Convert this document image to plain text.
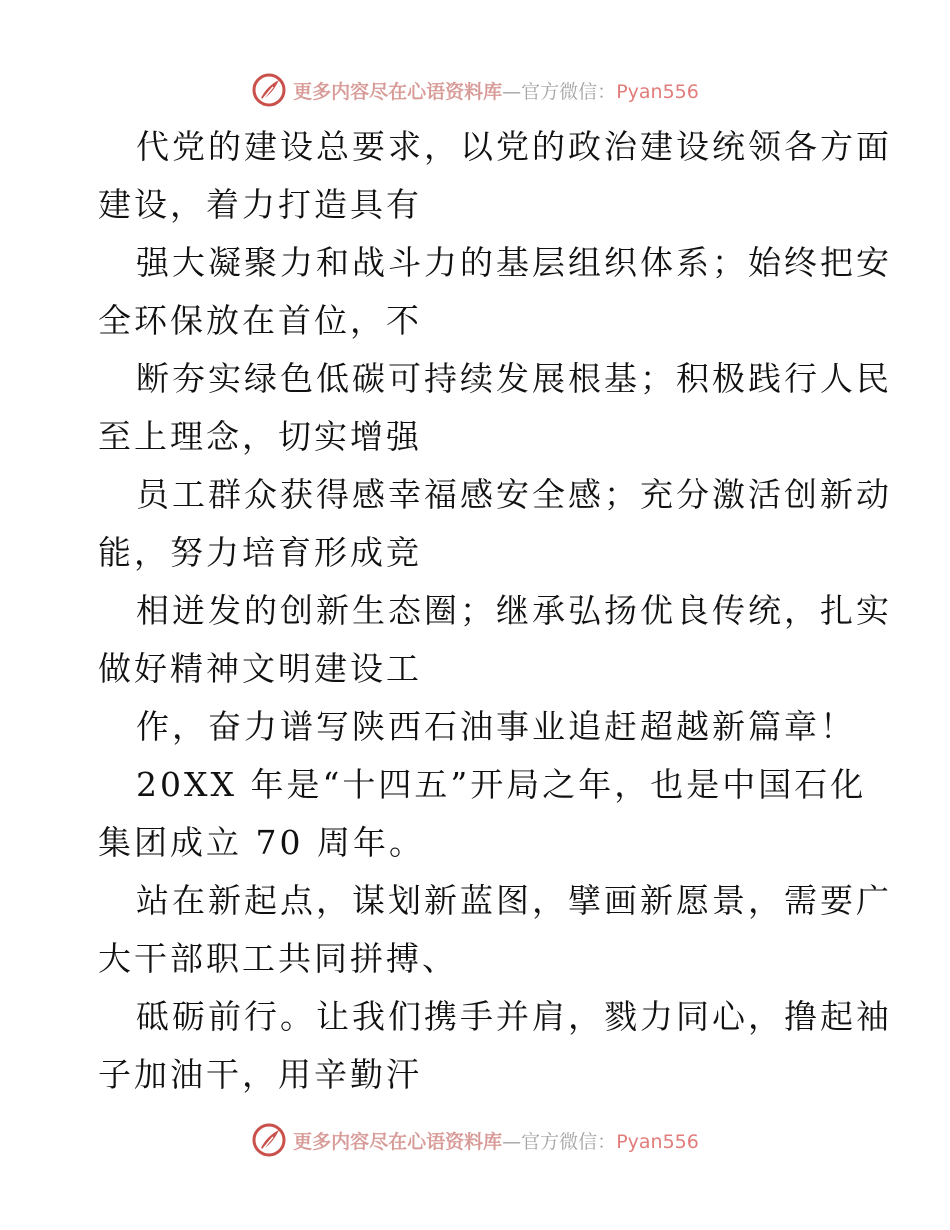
更多内容尽在心语资料库—官方微信：Pyan556

代党的建设总要求，以党的政治建设统领各方面
建设，着力打造具有

强大凝聚力和战斗力的基层组织体系；始终把安
全环保放在首位，不

断夯实绿色低碳可持续发展根基；积极践行人民
至上理念，切实增强

员工群众获得感幸福感安全感；充分激活创新动
能，努力培育形成竞

相迸发的创新生态圈；继承弘扬优良传统，扎实
做好精神文明建设工

作，奋力谱写陕西石油事业追赶超越新篇章！

20XX 年是“十四五”开局之年，也是中国石化
集团成立 70 周年。

站在新起点，谋划新蓝图，擘画新愿景，需要广
大干部职工共同拼搏、

砥砺前行。让我们携手并肩，戮力同心，撸起袖
子加油干，用辛勤汗

更多内容尽在心语资料库—官方微信：Pyan556
